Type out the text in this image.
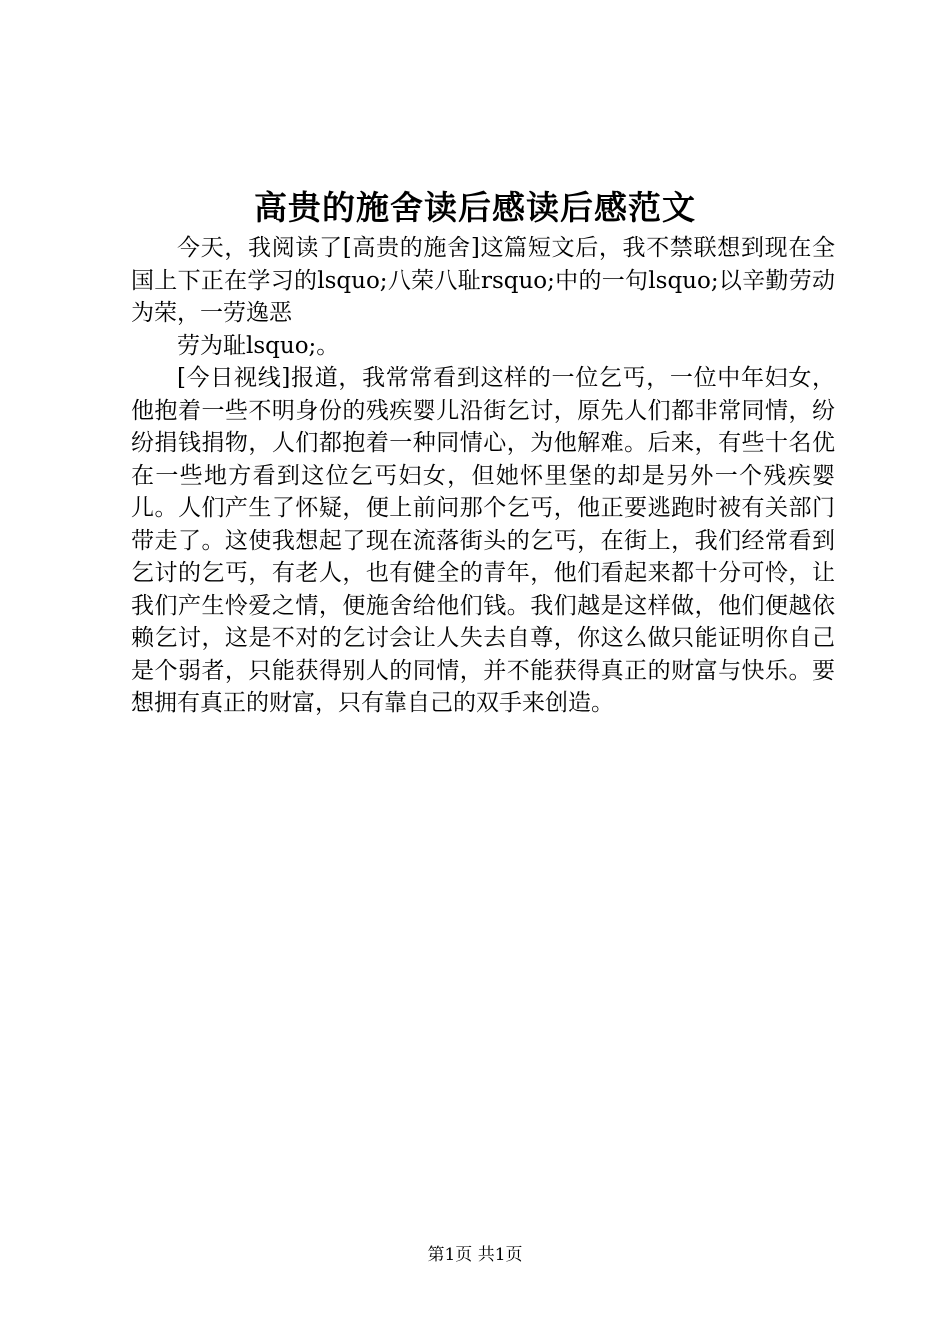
高贵的施舍读后感读后感范文

今天，我阅读了[高贵的施舍]这篇短文后，我不禁联想到现在全国上下正在学习的lsquo;八荣八耻rsquo;中的一句lsquo;以辛勤劳动为荣，一劳逸恶

劳为耻lsquo;。

[今日视线]报道，我常常看到这样的一位乞丐，一位中年妇女，他抱着一些不明身份的残疾婴儿沿街乞讨，原先人们都非常同情，纷纷捐钱捐物，人们都抱着一种同情心，为他解难。后来，有些十名优在一些地方看到这位乞丐妇女，但她怀里堡的却是另外一个残疾婴儿。人们产生了怀疑，便上前问那个乞丐，他正要逃跑时被有关部门带走了。这使我想起了现在流落街头的乞丐，在街上，我们经常看到乞讨的乞丐，有老人，也有健全的青年，他们看起来都十分可怜，让我们产生怜爱之情，便施舍给他们钱。我们越是这样做，他们便越依赖乞讨，这是不对的乞讨会让人失去自尊，你这么做只能证明你自己是个弱者，只能获得别人的同情，并不能获得真正的财富与快乐。要想拥有真正的财富，只有靠自己的双手来创造。

第1页 共1页
